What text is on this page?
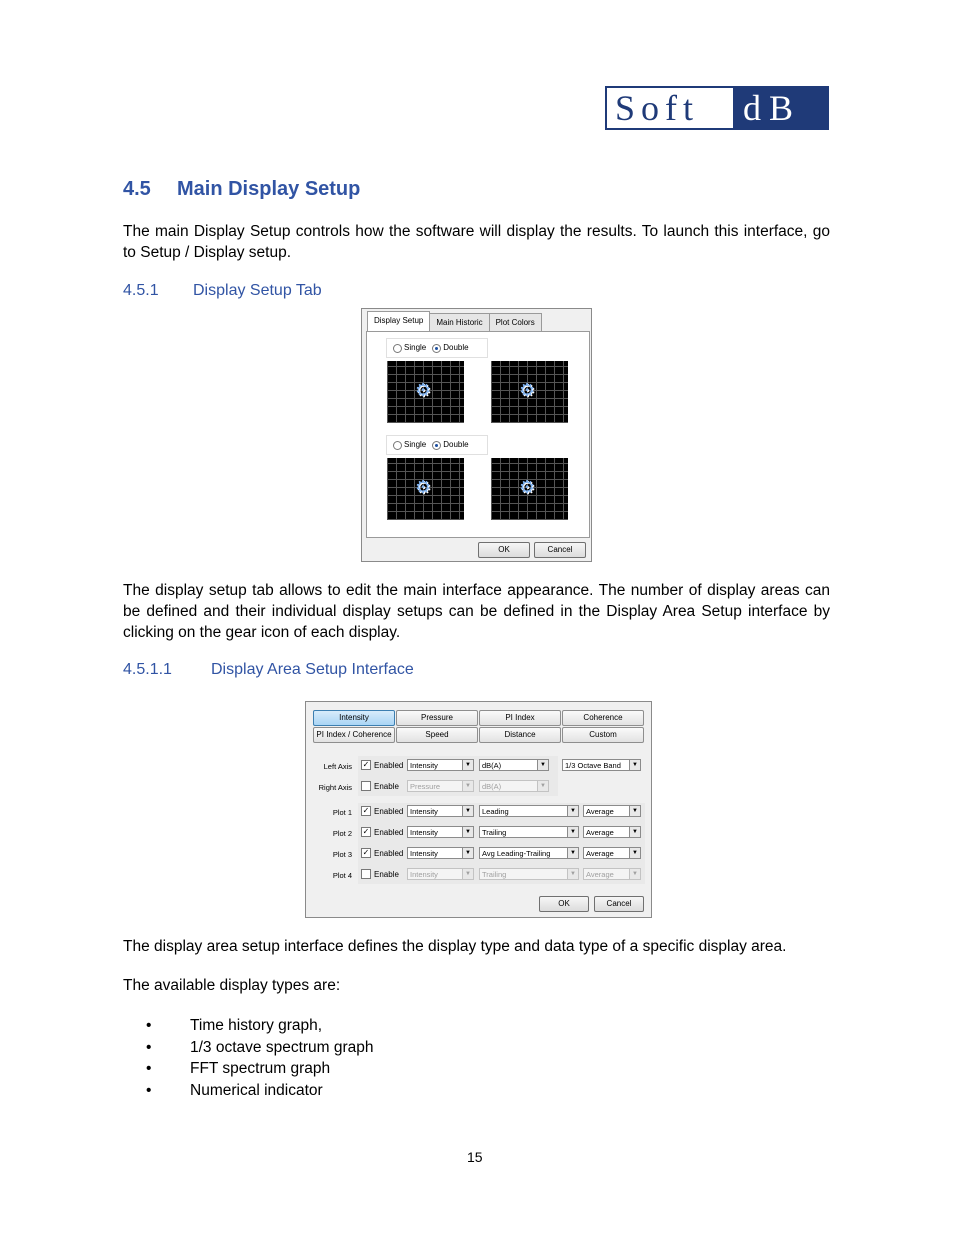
Soft	dB
4.5 Main Display Setup
The main Display Setup controls how the software will display the results. To launch this interface, go to Setup / Display setup.
4.5.1 Display Setup Tab
Display Setup	Main Historic	Plot Colors
Single	Double
⚙	⚙
Single	Double
⚙	⚙
OK	Cancel
The display setup tab allows to edit the main interface appearance. The number of display areas can be defined and their individual display setups can be defined in the Display Area Setup interface by clicking on the gear icon of each display.
4.5.1.1 Display Area Setup Interface
Intensity	Pressure	PI Index	Coherence
PI Index / Coherence	Speed	Distance	Custom
Left Axis ✓ Enabled Intensity	▼	dB(A)	▼	1/3 Octave Band	▼
Right Axis	Enable	Pressure	▼	dB(A)	▼
Plot 1 ✓ Enabled Intensity	▼	Leading	▼	Average	▼
Plot 2 ✓ Enabled Intensity	▼	Trailing	▼	Average	▼
Plot 3 ✓ Enabled Intensity	▼	Avg Leading-Trailing	▼	Average	▼
Plot 4	Enable	Intensity	▼	Trailing	▼	Average	▼
OK	Cancel
The display area setup interface defines the display type and data type of a specific display area.
The available display types are:
• Time history graph,
• 1/3 octave spectrum graph
• FFT spectrum graph
• Numerical indicator
15
